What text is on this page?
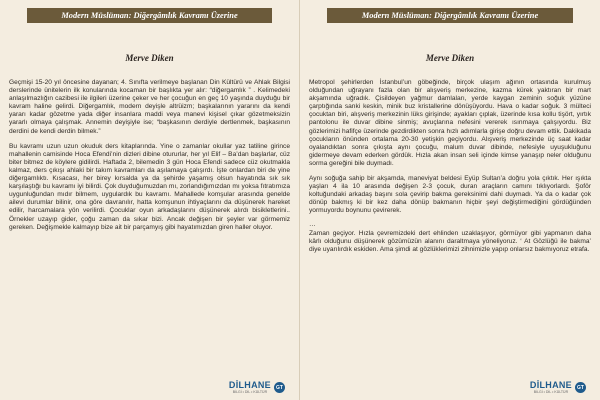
Modern Müslüman: Diğergâmlık Kavramı Üzerine
Merve Diken

Geçmişi 15-20 yıl öncesine dayanan; 4. Sınıfta verilmeye başlanan Din Kültürü ve Ahlak Bilgisi derslerinde ünitelerin ilk konularında kocaman bir başlıkta yer alır: “diğergamlık ” . Kelimedeki anlaşılmazlığın cazibesi ile ilgileri üzerine çeker ve her çocuğun en geç 10 yaşında duyduğu bir kavram haline gelirdi. Diğergamlık, modern deyişle altrüizm; başkalarının yararını da kendi yararı kadar gözetme yada diğer insanlara maddi veya manevi kişisel çıkar gözetmeksizin yararlı olmaya çalışmak. Annemin deyişiyle ise; “başkasının derdiyle dertlenmek, başkasının derdini de kendi derdin bilmek.”

Bu kavramı uzun uzun okuduk ders kitaplarında. Yine o zamanlar okullar yaz tatiline girince mahallenin camisinde Hoca Efendi’nin dizleri dibine otururlar, her yıl Elif – Ba’dan başlarlar, cüz biter bitmez de köylere gidilirdi. Haftada 2, bilemedin 3 gün Hoca Efendi sadece cüz okutmakla kalmaz, ders çıkışı ahlaki bir takım kavramları da aşılamaya çalışırdı. İşte onlardan biri de yine diğergamlıktı. Kısacası, her birey kırsalda ya da şehirde yaşamış olsun hayatında sık sık karşılaştığı bu kavramı iyi bilirdi. Çok duyduğumuzdan mı, zorlandığımızdan mı yoksa fıtratımıza uygunluğundan mıdır bilmem, uygulardık bu kavramı. Mahallede komşular arasında genelde ailevi durumlar bilinir, ona göre davranılır, hatta komşunun ihtiyaçlarını da düşünerek hareket edilir, harcamalara yön verilirdi. Çocuklar oyun arkadaşlarını düşünerek alırdı bisikletlerini.. Örnekler uzayıp gider, çoğu zaman da sıkar bizi. Ancak değişen bir şeyler var görmemiz gereken. Değişmekle kalmayıp bize ait bir parçamyış gibi hayatımızdan giren haller oluyor.

DİLHANE
BİLGİ • DİL • KÜLTÜR
GT
Modern Müslüman: Diğergâmlık Kavramı Üzerine
Merve Diken

Metropol şehirlerden İstanbul’un göbeğinde, birçok ulaşım ağının ortasında kurulmuş olduğundan uğrayanı fazla olan bir alışveriş merkezine, kazma kürek yaktıran bir mart akşamında uğradık. Çisildeyen yağmur damlaları, yerde kaygan zeminin soğuk yüzüne çarptığında sanki keskin, minik buz kristallerine dönüşüyordu. Hava o kadar soğuk. 3 mülteci çocuktan biri, alışveriş merkezinin lüks girişinde; ayakları çıplak, üzerinde kısa kollu tişört, yırtık pantolonu ile duvar dibine sinmiş; avuçlarına nefesini vererek ısınmaya çalışıyordu. Biz gözlerimizi hafifçe üzerinde gezdirdikten sonra hızlı adımlarla girişe doğru devam ettik. Dakikada çocukların önünden ortalama 20-30 yetişkin geçiyordu. Alışveriş merkezinde üç saat kadar oyalandıktan sonra çıkışta aynı çocuğu, malum duvar dibinde, nefesiyle uyuşukluğunu gidermeye devam ederken gördük. Hızla akan insan seli içinde kimse yanaşıp neler olduğunu sorma gereğini bile duymadı.

Aynı soğuğa sahip bir akşamda, maneviyat beldesi Eyüp Sultan’a doğru yola çıktık. Her ışıkta yaşları 4 ila 10 arasında değişen 2-3 çocuk, duran araçların camını tıklıyorlardı. Şoför koltuğundaki arkadaş başını sola çevirip bakma gereksinimi dahi duymadı. Ya da o kadar çok dönüp bakmış ki bir kez daha dönüp bakmanın hiçbir şeyi değiştirmediğini gördüğünden yormuyordu boynunu çevirerek.

…

Zaman geçiyor. Hızla çevremizdeki dert ehlinden uzaklaşıyor, görmüyor gibi yapmanın daha kârlı olduğunu düşünerek gözümüzün alanını daraltmaya yöneliyoruz. ‘ At Gözlüğü ile bakma’ diye uyarılırdık eskiden. Ama şimdi at gözlüklerimizi zihnimizle yapıp onlarsız bakmıyoruz etrafa.

DİLHANE
BİLGİ • DİL • KÜLTÜR
GT
